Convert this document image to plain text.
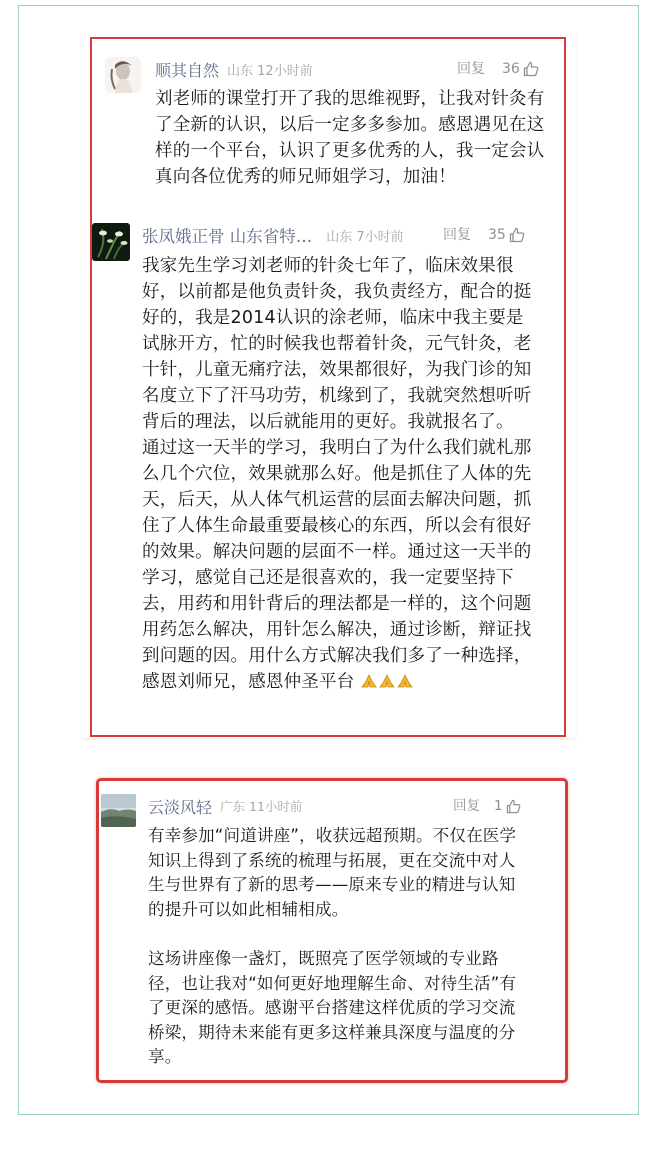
顺其自然 山东 12小时前	回复 36

刘老师的课堂打开了我的思维视野，让我对针灸有了全新的认识，以后一定多多参加。感恩遇见在这样的一个平台，认识了更多优秀的人，我一定会认真向各位优秀的师兄师姐学习，加油！

张凤娥正骨 山东省特… 山东 7小时前	回复 35

我家先生学习刘老师的针灸七年了，临床效果很好，以前都是他负责针灸，我负责经方，配合的挺好的，我是2014认识的涂老师，临床中我主要是试脉开方，忙的时候我也帮着针灸，元气针灸，老十针，儿童无痛疗法，效果都很好，为我门诊的知名度立下了汗马功劳，机缘到了，我就突然想听听背后的理法，以后就能用的更好。我就报名了。

通过这一天半的学习，我明白了为什么我们就札那么几个穴位，效果就那么好。他是抓住了人体的先天，后天，从人体气机运营的层面去解决问题，抓住了人体生命最重要最核心的东西，所以会有很好的效果。解决问题的层面不一样。通过这一天半的学习，感觉自己还是很喜欢的，我一定要坚持下去，用药和用针背后的理法都是一样的，这个问题用药怎么解决，用针怎么解决，通过诊断，辩证找到问题的因。用什么方式解决我们多了一种选择，感恩刘师兄，感恩仲圣平台

云淡风轻 广东 11小时前	回复 1

有幸参加“问道讲座”，收获远超预期。不仅在医学知识上得到了系统的梳理与拓展，更在交流中对人生与世界有了新的思考——原来专业的精进与认知的提升可以如此相辅相成。

这场讲座像一盏灯，既照亮了医学领域的专业路径，也让我对“如何更好地理解生命、对待生活”有了更深的感悟。感谢平台搭建这样优质的学习交流桥梁，期待未来能有更多这样兼具深度与温度的分享。
